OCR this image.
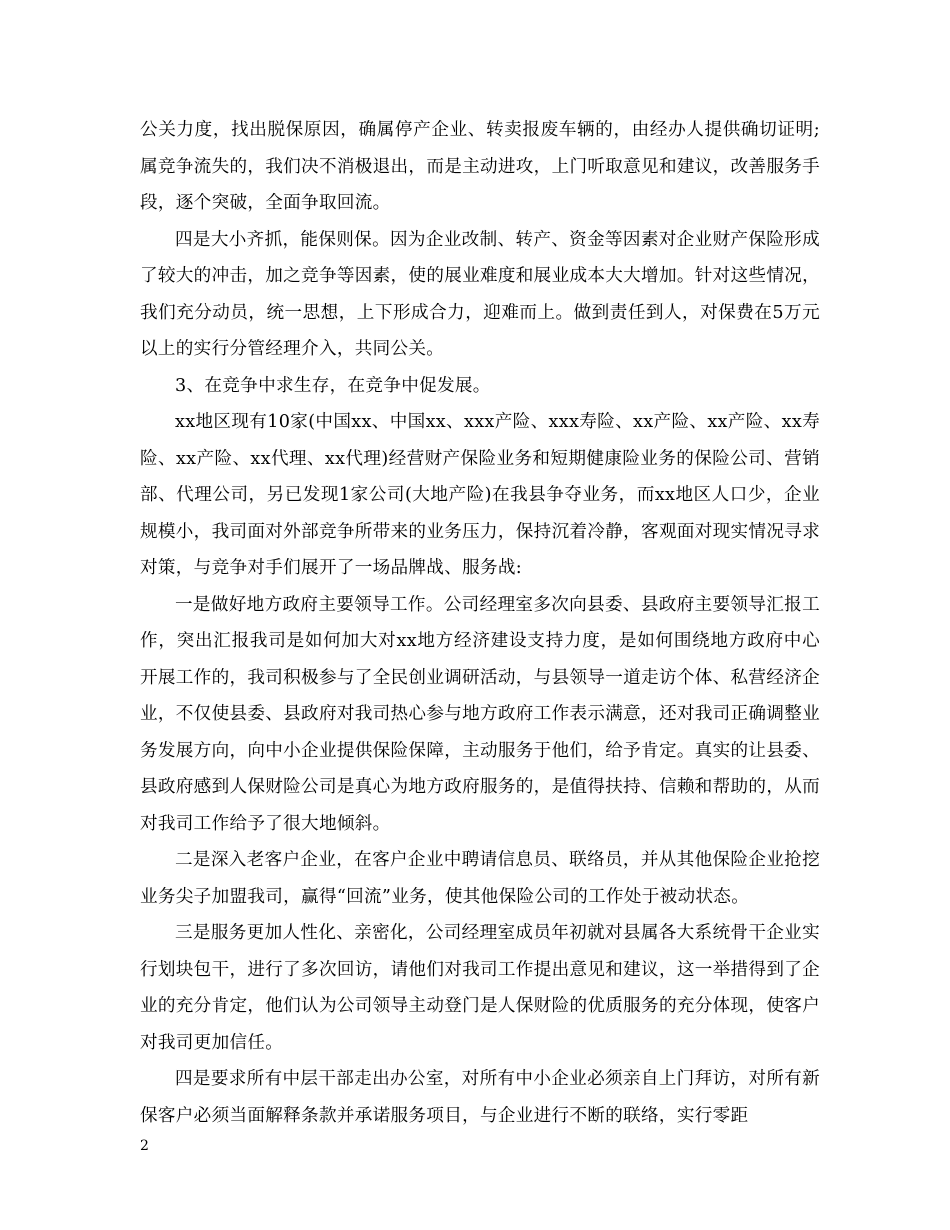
公关力度，找出脱保原因，确属停产企业、转卖报废车辆的，由经办人提供确切证明;属竞争流失的，我们决不消极退出，而是主动进攻，上门听取意见和建议，改善服务手段，逐个突破，全面争取回流。

四是大小齐抓，能保则保。因为企业改制、转产、资金等因素对企业财产保险形成了较大的冲击，加之竞争等因素，使的展业难度和展业成本大大增加。针对这些情况，我们充分动员，统一思想，上下形成合力，迎难而上。做到责任到人，对保费在5万元以上的实行分管经理介入，共同公关。

3、在竞争中求生存，在竞争中促发展。

xx地区现有10家(中国xx、中国xx、xxx产险、xxx寿险、xx产险、xx产险、xx寿险、xx产险、xx代理、xx代理)经营财产保险业务和短期健康险业务的保险公司、营销部、代理公司，另已发现1家公司(大地产险)在我县争夺业务，而xx地区人口少，企业规模小，我司面对外部竞争所带来的业务压力，保持沉着冷静，客观面对现实情况寻求对策，与竞争对手们展开了一场品牌战、服务战:

一是做好地方政府主要领导工作。公司经理室多次向县委、县政府主要领导汇报工作，突出汇报我司是如何加大对xx地方经济建设支持力度，是如何围绕地方政府中心开展工作的，我司积极参与了全民创业调研活动，与县领导一道走访个体、私营经济企业，不仅使县委、县政府对我司热心参与地方政府工作表示满意，还对我司正确调整业务发展方向，向中小企业提供保险保障，主动服务于他们，给予肯定。真实的让县委、县政府感到人保财险公司是真心为地方政府服务的，是值得扶持、信赖和帮助的，从而对我司工作给予了很大地倾斜。

二是深入老客户企业，在客户企业中聘请信息员、联络员，并从其他保险企业抢挖业务尖子加盟我司，赢得“回流”业务，使其他保险公司的工作处于被动状态。

三是服务更加人性化、亲密化，公司经理室成员年初就对县属各大系统骨干企业实行划块包干，进行了多次回访，请他们对我司工作提出意见和建议，这一举措得到了企业的充分肯定，他们认为公司领导主动登门是人保财险的优质服务的充分体现，使客户对我司更加信任。

四是要求所有中层干部走出办公室，对所有中小企业必须亲自上门拜访，对所有新保客户必须当面解释条款并承诺服务项目，与企业进行不断的联络，实行零距

2
